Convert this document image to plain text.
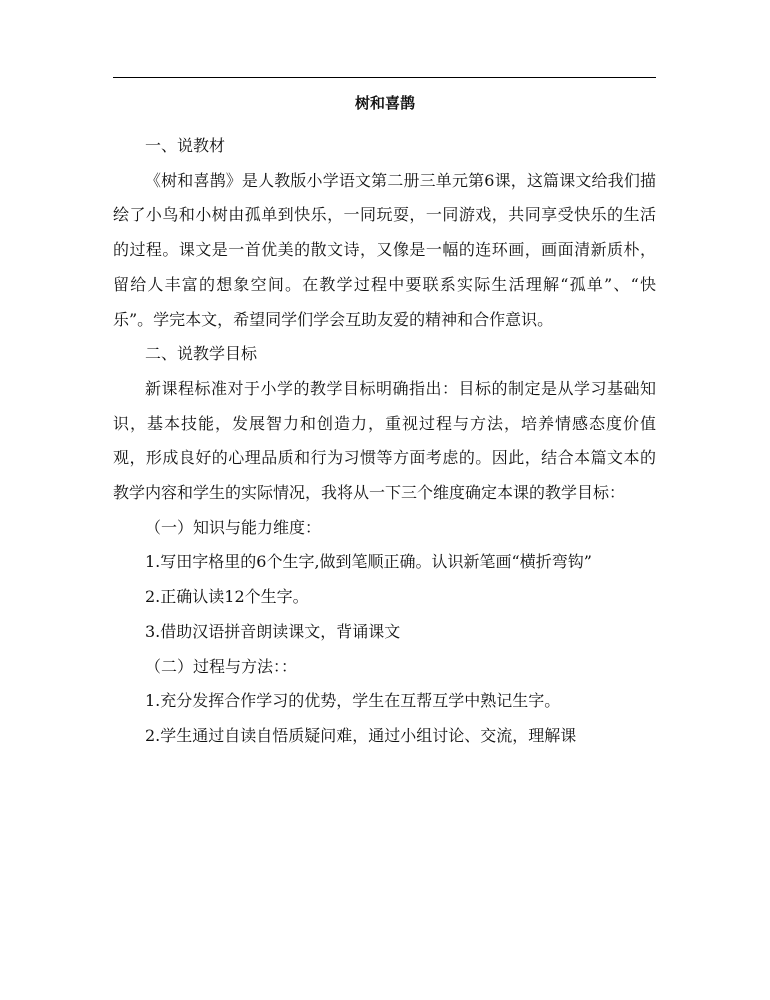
树和喜鹊

一、说教材

《树和喜鹊》是人教版小学语文第二册三单元第6课，这篇课文给我们描绘了小鸟和小树由孤单到快乐，一同玩耍，一同游戏，共同享受快乐的生活的过程。课文是一首优美的散文诗，又像是一幅的连环画，画面清新质朴，留给人丰富的想象空间。在教学过程中要联系实际生活理解“孤单”、“快乐”。学完本文，希望同学们学会互助友爱的精神和合作意识。

二、说教学目标

新课程标准对于小学的教学目标明确指出：目标的制定是从学习基础知识，基本技能，发展智力和创造力，重视过程与方法，培养情感态度价值观，形成良好的心理品质和行为习惯等方面考虑的。因此，结合本篇文本的教学内容和学生的实际情况，我将从一下三个维度确定本课的教学目标：

（一）知识与能力维度：

1.写田字格里的6个生字,做到笔顺正确。认识新笔画“横折弯钩”

2.正确认读12个生字。

3.借助汉语拼音朗读课文，背诵课文

（二）过程与方法：：

1.充分发挥合作学习的优势，学生在互帮互学中熟记生字。

2.学生通过自读自悟质疑问难，通过小组讨论、交流，理解课
